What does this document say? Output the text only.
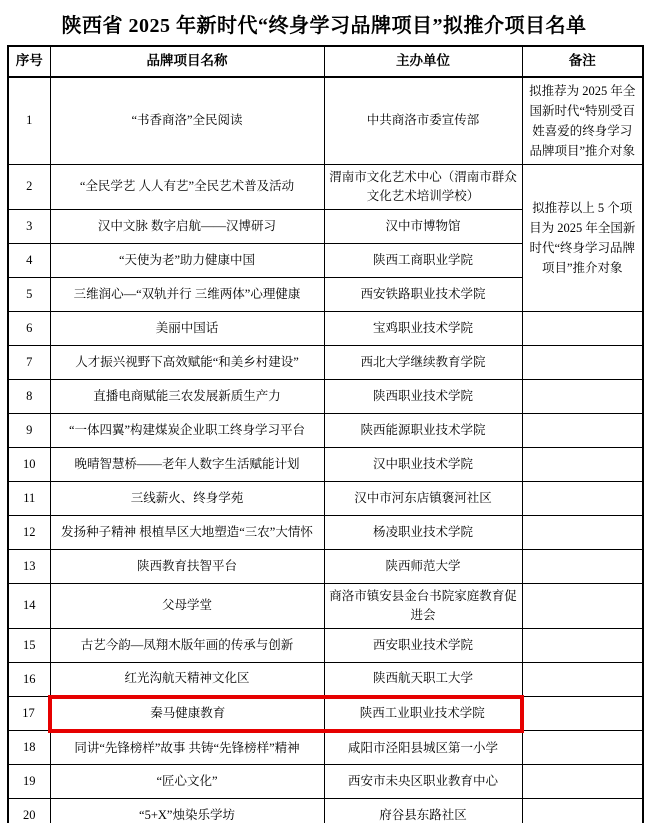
陕西省 2025 年新时代“终身学习品牌项目”拟推介项目名单
序号	品牌项目名称	主办单位	备注
1	“书香商洛”全民阅读	中共商洛市委宣传部	拟推荐为 2025 年全国新时代“特别受百姓喜爱的终身学习品牌项目”推介对象
2	“全民学艺 人人有艺”全民艺术普及活动	渭南市文化艺术中心（渭南市群众文化艺术培训学校）	拟推荐以上 5 个项目为 2025 年全国新时代“终身学习品牌项目”推介对象
3	汉中文脉 数字启航——汉博研习	汉中市博物馆	
4	“天使为老”助力健康中国	陕西工商职业学院	
5	三维润心—“双轨并行 三维两体”心理健康	西安铁路职业技术学院	
6	美丽中国话	宝鸡职业技术学院	
7	人才振兴视野下高效赋能“和美乡村建设”	西北大学继续教育学院	
8	直播电商赋能三农发展新质生产力	陕西职业技术学院	
9	“一体四翼”构建煤炭企业职工终身学习平台	陕西能源职业技术学院	
10	晚晴智慧桥——老年人数字生活赋能计划	汉中职业技术学院	
11	三线薪火、终身学苑	汉中市河东店镇褒河社区	
12	发扬种子精神 根植旱区大地塑造“三农”大情怀	杨凌职业技术学院	
13	陕西教育扶智平台	陕西师范大学	
14	父母学堂	商洛市镇安县金台书院家庭教育促进会	
15	古艺今韵—凤翔木版年画的传承与创新	西安职业技术学院	
16	红光沟航天精神文化区	陕西航天职工大学	
17	秦马健康教育	陕西工业职业技术学院	
18	同讲“先锋榜样”故事 共铸“先锋榜样”精神	咸阳市泾阳县城区第一小学	
19	“匠心文化”	西安市未央区职业教育中心	
20	“5+X”烛染乐学坊	府谷县东路社区	
